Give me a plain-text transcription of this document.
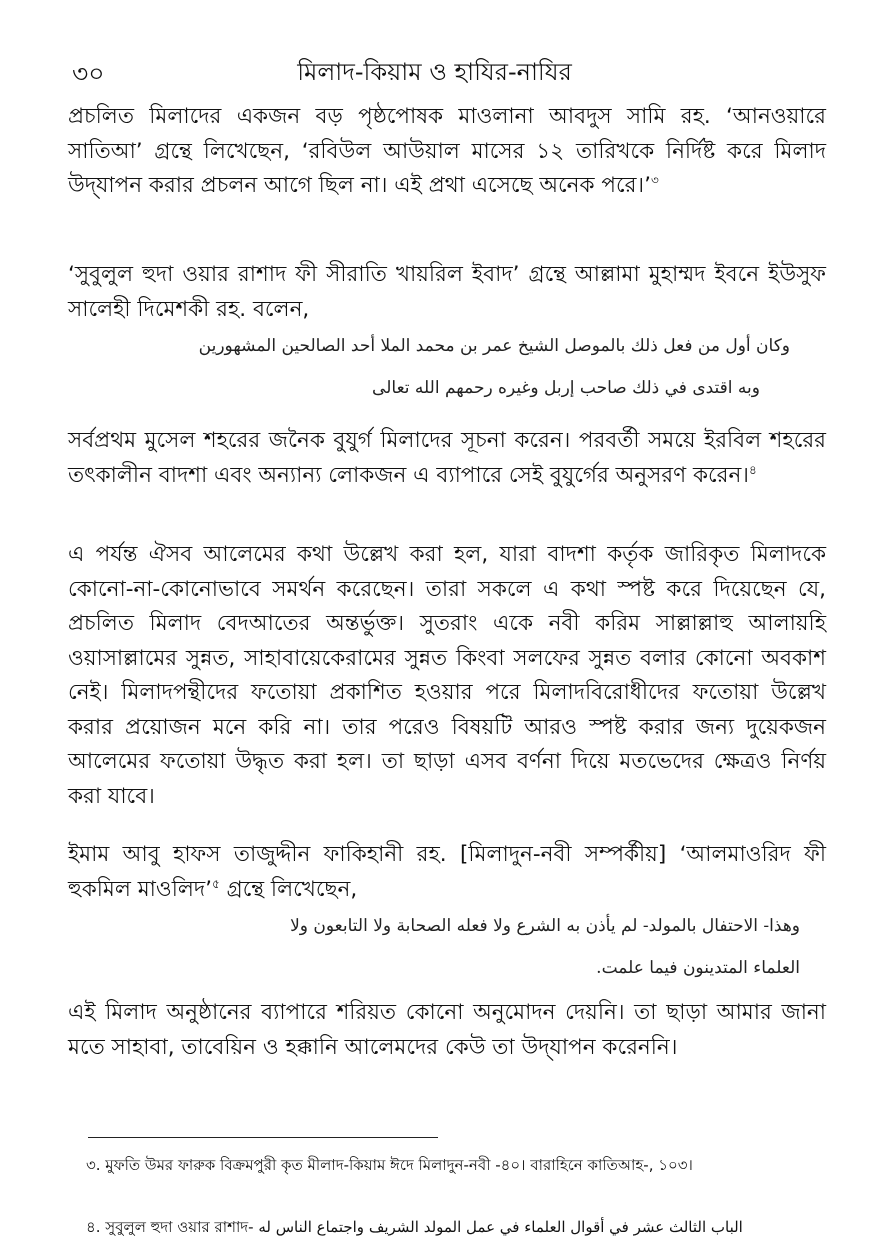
৩০	মিলাদ-কিয়াম ও হাযির-নাযির

প্রচলিত মিলাদের একজন বড় পৃষ্ঠপোষক মাওলানা আবদুস সামি রহ. ‘আনওয়ারে সাতিআ’ গ্রন্থে লিখেছেন, ‘রবিউল আউয়াল মাসের ১২ তারিখকে নির্দিষ্ট করে মিলাদ উদ্‌যাপন করার প্রচলন আগে ছিল না। এই প্রথা এসেছে অনেক পরে।’$^৩$

‘সুবুলুল হুদা ওয়ার রাশাদ ফী সীরাতি খায়রিল ইবাদ’ গ্রন্থে আল্লামা মুহাম্মদ ইবনে ইউসুফ সালেহী দিমেশকী রহ. বলেন,

وكان أول من فعل ذلك بالموصل الشيخ عمر بن محمد الملا أحد الصالحين المشهورين

وبه اقتدى في ذلك صاحب إربل وغيره رحمهم الله تعالى

সর্বপ্রথম মুসেল শহরের জনৈক বুযুর্গ মিলাদের সূচনা করেন। পরবর্তী সময়ে ইরবিল শহরের তৎকালীন বাদশা এবং অন্যান্য লোকজন এ ব্যাপারে সেই বুযুর্গের অনুসরণ করেন।$^৪$

এ পর্যন্ত ঐসব আলেমের কথা উল্লেখ করা হল, যারা বাদশা কর্তৃক জারিকৃত মিলাদকে কোনো-না-কোনোভাবে সমর্থন করেছেন। তারা সকলে এ কথা স্পষ্ট করে দিয়েছেন যে, প্রচলিত মিলাদ বেদআতের অন্তর্ভুক্ত। সুতরাং একে নবী করিম সাল্লাল্লাহু আলায়হি ওয়াসাল্লামের সুন্নত, সাহাবায়েকেরামের সুন্নত কিংবা সলফের সুন্নত বলার কোনো অবকাশ নেই। মিলাদপন্থীদের ফতোয়া প্রকাশিত হওয়ার পরে মিলাদবিরোধীদের ফতোয়া উল্লেখ করার প্রয়োজন মনে করি না। তার পরেও বিষয়টি আরও স্পষ্ট করার জন্য দুয়েকজন আলেমের ফতোয়া উদ্ধৃত করা হল। তা ছাড়া এসব বর্ণনা দিয়ে মতভেদের ক্ষেত্রও নির্ণয় করা যাবে।

ইমাম আবু হাফস তাজুদ্দীন ফাকিহানী রহ. [মিলাদুন-নবী সম্পর্কীয়] ‘আলমাওরিদ ফী হুকমিল মাওলিদ’$^৫$ গ্রন্থে লিখেছেন,

وهذا- الاحتفال بالمولد- لم يأذن به الشرع ولا فعله الصحابة ولا التابعون ولا

العلماء المتدينون فيما علمت.

এই মিলাদ অনুষ্ঠানের ব্যাপারে শরিয়ত কোনো অনুমোদন দেয়নি। তা ছাড়া আমার জানা মতে সাহাবা, তাবেয়িন ও হক্কানি আলেমদের কেউ তা উদ্‌যাপন করেননি।

৩. মুফতি উমর ফারুক বিক্রমপুরী কৃত মীলাদ-কিয়াম ঈদে মিলাদুন-নবী -৪০। বারাহিনে কাতিআহ-, ১০৩।

৪. সুবুলুল হুদা ওয়ার রাশাদ- الباب الثالث عشر في أقوال العلماء في عمل المولد الشريف واجتماع الناس له
